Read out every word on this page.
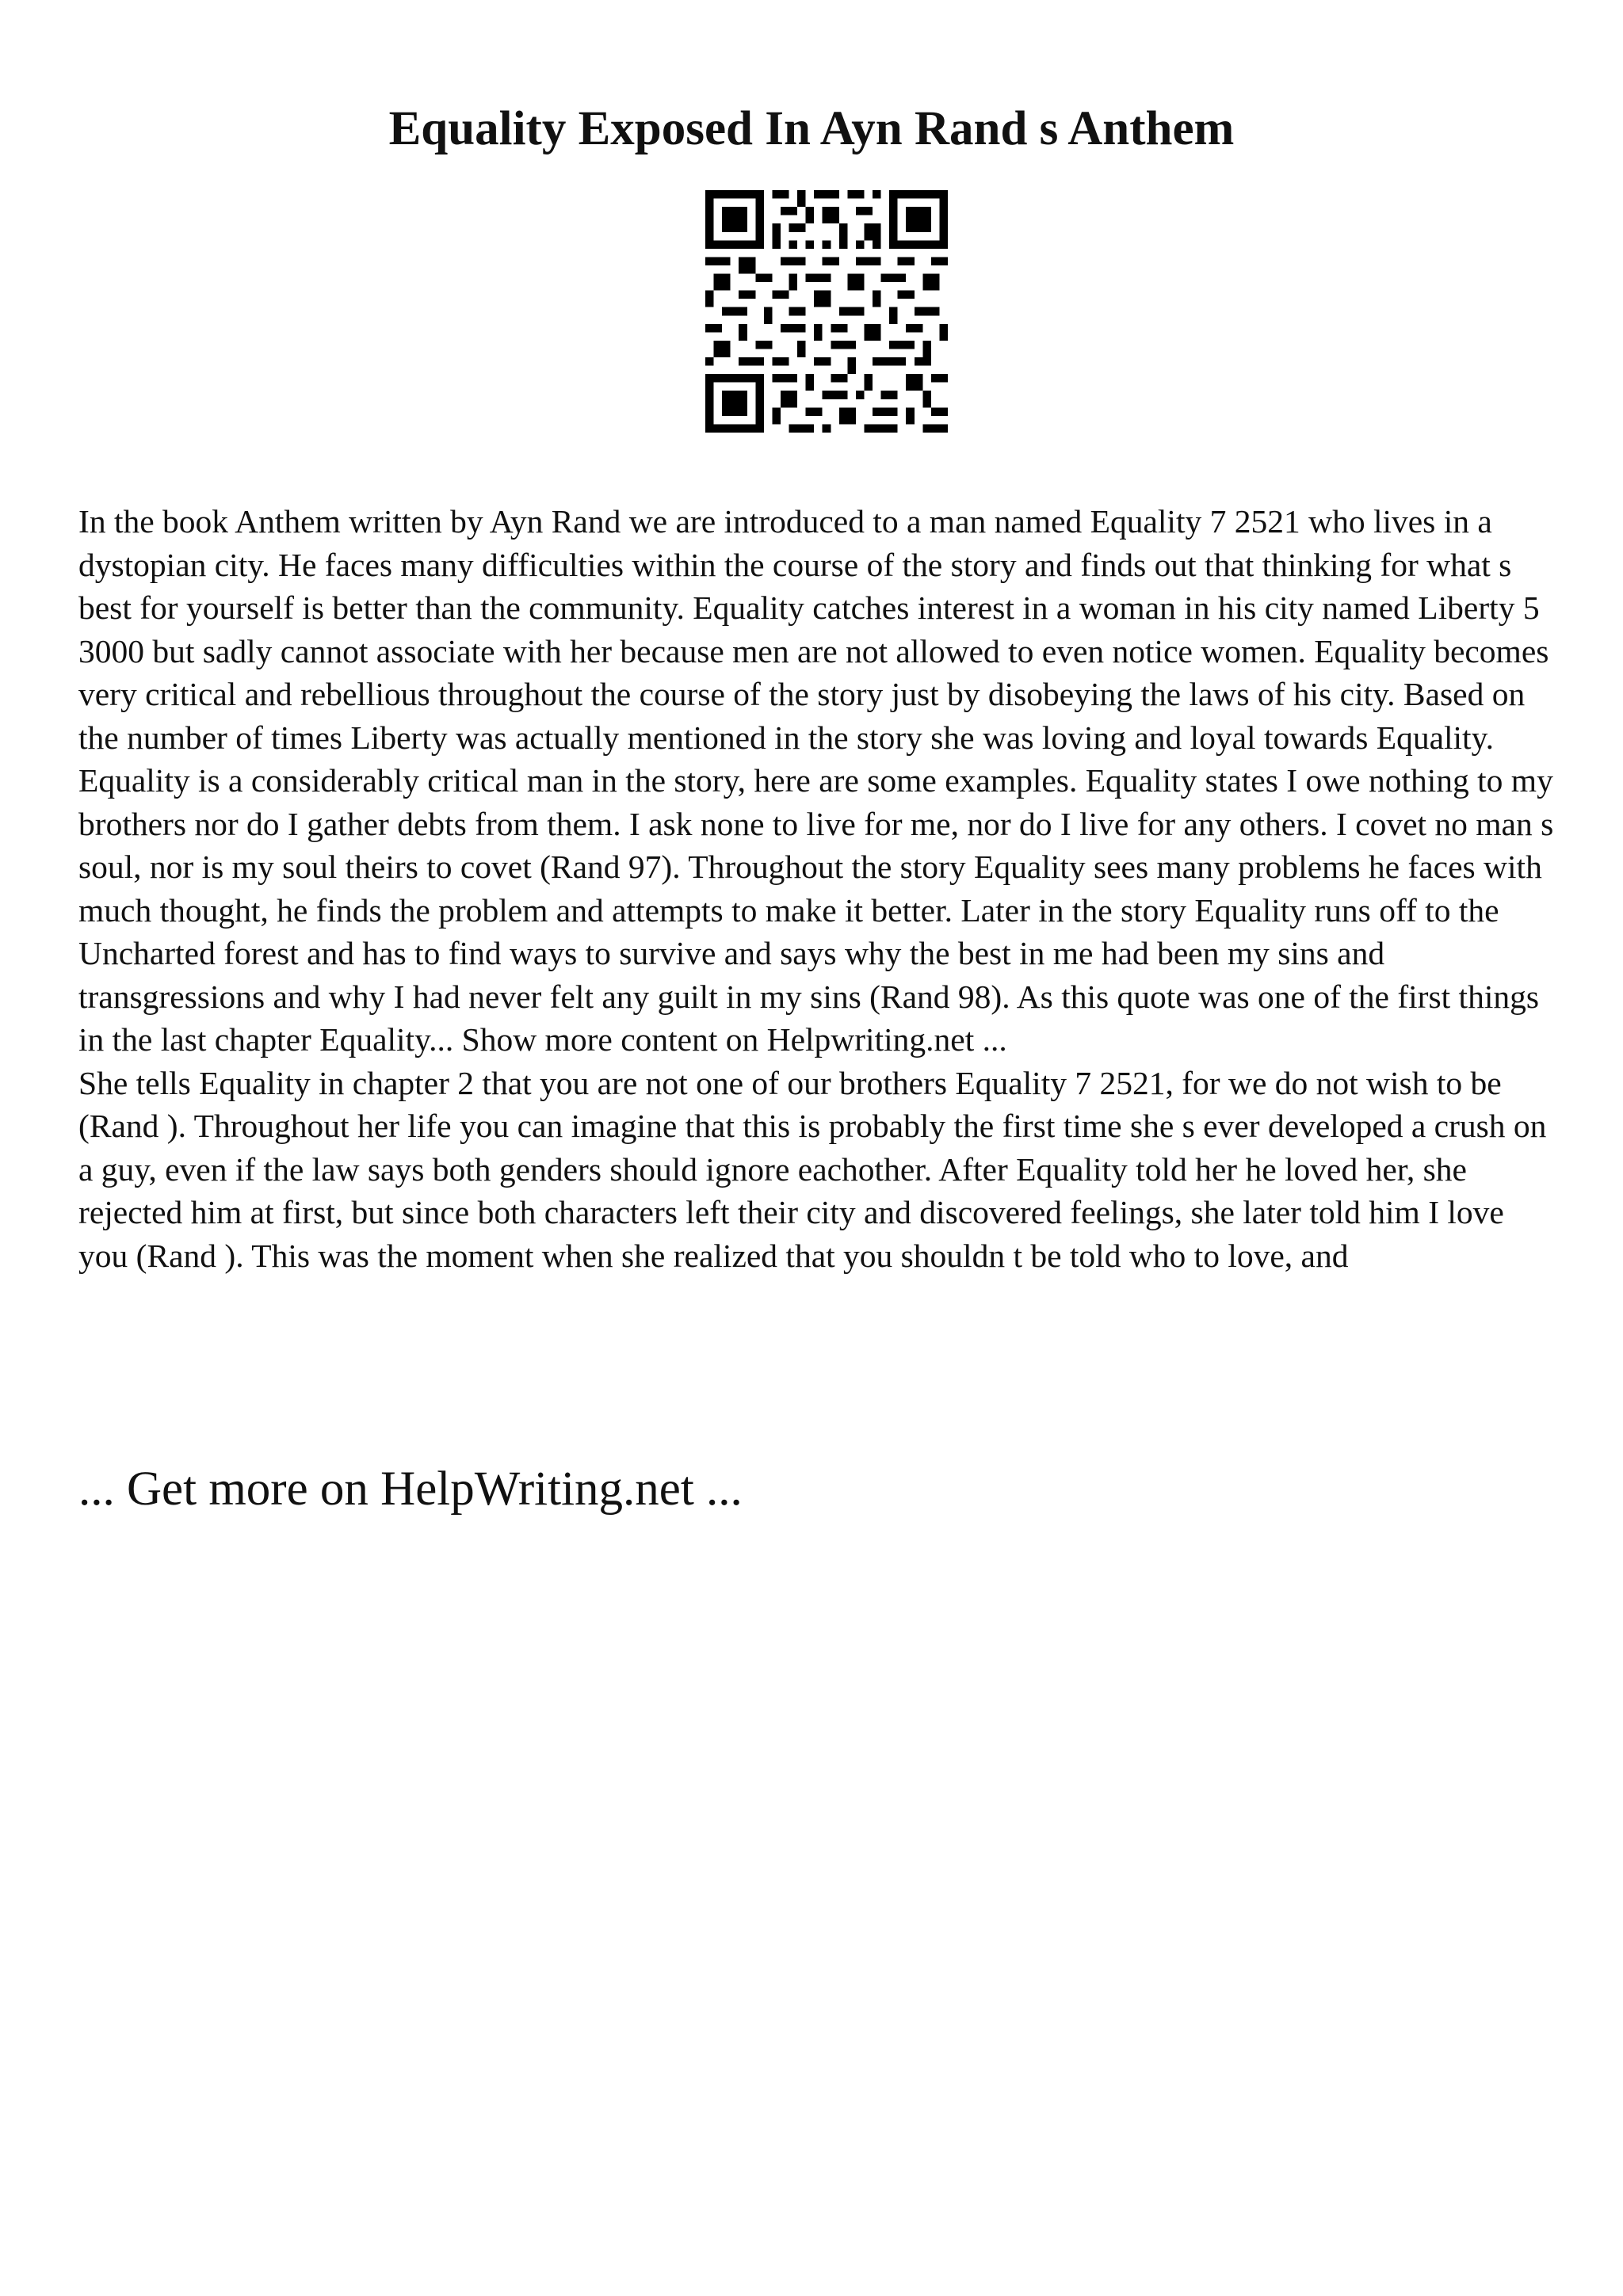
Equality Exposed In Ayn Rand s Anthem

In the book Anthem written by Ayn Rand we are introduced to a man named Equality 7 2521 who lives in a dystopian city. He faces many difficulties within the course of the story and finds out that thinking for what s best for yourself is better than the community. Equality catches interest in a woman in his city named Liberty 5 3000 but sadly cannot associate with her because men are not allowed to even notice women. Equality becomes very critical and rebellious throughout the course of the story just by disobeying the laws of his city. Based on the number of times Liberty was actually mentioned in the story she was loving and loyal towards Equality. Equality is a considerably critical man in the story, here are some examples. Equality states I owe nothing to my brothers nor do I gather debts from them. I ask none to live for me, nor do I live for any others. I covet no man s soul, nor is my soul theirs to covet (Rand 97). Throughout the story Equality sees many problems he faces with much thought, he finds the problem and attempts to make it better. Later in the story Equality runs off to the Uncharted forest and has to find ways to survive and says why the best in me had been my sins and transgressions and why I had never felt any guilt in my sins (Rand 98). As this quote was one of the first things in the last chapter Equality... Show more content on Helpwriting.net ...

She tells Equality in chapter 2 that you are not one of our brothers Equality 7 2521, for we do not wish to be (Rand ). Throughout her life you can imagine that this is probably the first time she s ever developed a crush on a guy, even if the law says both genders should ignore eachother. After Equality told her he loved her, she rejected him at first, but since both characters left their city and discovered feelings, she later told him I love you (Rand ). This was the moment when she realized that you shouldn t be told who to love, and

... Get more on HelpWriting.net ...
